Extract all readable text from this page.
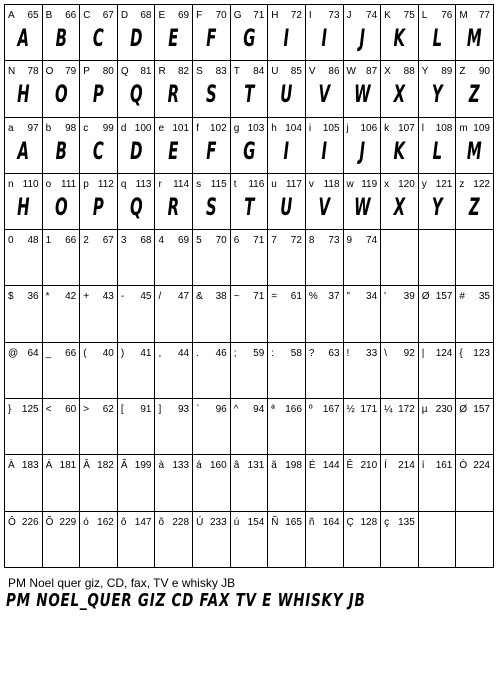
A 65
A
B 66
B
C 67
C
D 68
D
E 69
E
F 70
F
G 71
G
H 72
I
I 73
I
J 74
J
K 75
K
L 76
L
M 77
M
N 78
H
O 79
O
P 80
P
Q 81
Q
R 82
R
S 83
S
T 84
T
U 85
U
V 86
V
W 87
W
X 88
X
Y 89
Y
Z 90
Z
a 97
A
b 98
B
c 99
C
d 100
D
e 101
E
f 102
F
g 103
G
h 104
I
i 105
I
j 106
J
k 107
K
l 108
L
m 109
M
n 110
H
o 111
O
p 112
P
q 113
Q
r 114
R
s 115
S
t 116
T
u 117
U
v 118
V
w 119
W
x 120
X
y 121
Y
z 122
Z
0 48 1 66 2 67 3 68 4 69 5 70 6 71 7 72 8 73 9 74
$ 36 * 42 + 43 - 45 / 47 & 38 ~ 71 = 61 % 37 " 34 ' 39 Ø 157 # 35
@ 64 _ 66 ( 40 ) 41 , 44 . 46 ; 59 : 58 ? 63 ! 33 \ 92 | 124 { 123
} 125 < 60 > 62 [ 91 ] 93 ` 96 ^ 94 ª 166 º 167 ½ 171 ¼ 172 µ 230 Ø 157
À 183 Á 181 Â 182 Ã 199 à 133 á 160 â 131 ã 198 É 144 Ê 210 Í 214 í 161 Ó 224
Ô 226 Õ 229 ó 162 ô 147 õ 228 Ú 233 ú 154 Ñ 165 ñ 164 Ç 128 ç 135
PM Noel quer giz, CD, fax, TV e whisky JB
PM NOEL_QUER GIZ CD FAX TV E WHISKY JB
